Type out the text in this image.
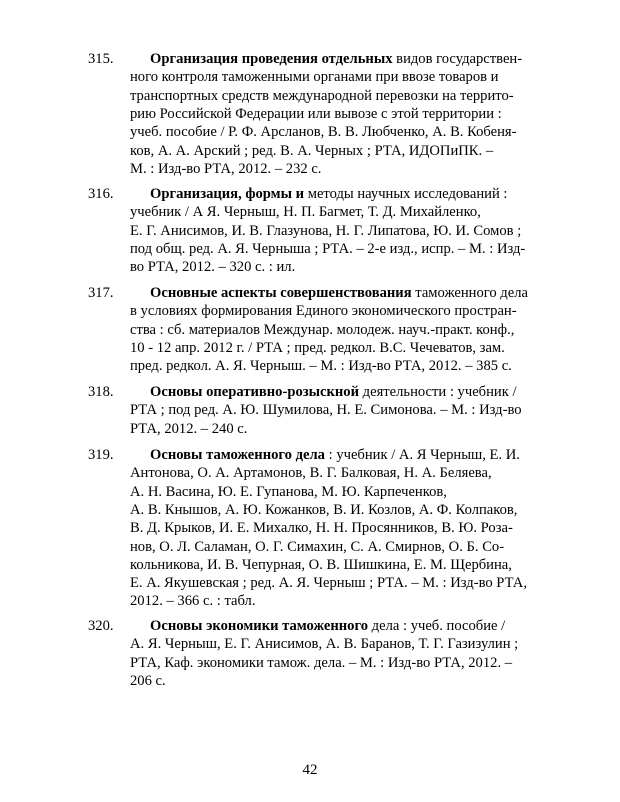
315.	Организация проведения отдельных видов государствен-
ного контроля таможенными органами при ввозе товаров и
транспортных средств международной перевозки на террито-
рию Российской Федерации или вывозе с этой территории :
учеб. пособие / Р. Ф. Арсланов, В. В. Любченко, А. В. Кобеня-
ков, А. А. Арский ; ред. В. А. Черных ; РТА, ИДОПиПК. –
М. : Изд-во РТА, 2012. – 232 с.
316.	Организация, формы и методы научных исследований :
учебник / А Я. Черныш, Н. П. Багмет, Т. Д. Михайленко,
Е. Г. Анисимов, И. В. Глазунова, Н. Г. Липатова, Ю. И. Сомов ;
под общ. ред. А. Я. Черныша ; РТА. – 2-е изд., испр. – М. : Изд-
во РТА, 2012. – 320 с. : ил.
317.	Основные аспекты совершенствования таможенного дела
в условиях формирования Единого экономического простран-
ства : сб. материалов Междунар. молодеж. науч.-практ. конф.,
10 - 12 апр. 2012 г. / РТА ; пред. редкол. В.С. Чечеватов, зам.
пред. редкол. А. Я. Черныш. – М. : Изд-во РТА, 2012. – 385 с.
318.	Основы оперативно-розыскной деятельности : учебник /
РТА ; под ред. А. Ю. Шумилова, Н. Е. Симонова. – М. : Изд-во
РТА, 2012. – 240 с.
319.	Основы таможенного дела : учебник / А. Я Черныш, Е. И.
Антонова, О. А. Артамонов, В. Г. Балковая, Н. А. Беляева,
А. Н. Васина, Ю. Е. Гупанова, М. Ю. Карпеченков,
А. В. Кнышов, А. Ю. Кожанков, В. И. Козлов, А. Ф. Колпаков,
В. Д. Крыков, И. Е. Михалко, Н. Н. Просянников, В. Ю. Роза-
нов, О. Л. Саламан, О. Г. Симахин, С. А. Смирнов, О. Б. Со-
кольникова, И. В. Чепурная, О. В. Шишкина, Е. М. Щербина,
Е. А. Якушевская ; ред. А. Я. Черныш ; РТА. – М. : Изд-во РТА,
2012. – 366 с. : табл.
320.	Основы экономики таможенного дела : учеб. пособие /
А. Я. Черныш, Е. Г. Анисимов, А. В. Баранов, Т. Г. Газизулин ;
РТА, Каф. экономики тамож. дела. – М. : Изд-во РТА, 2012. –
206 с.
42
